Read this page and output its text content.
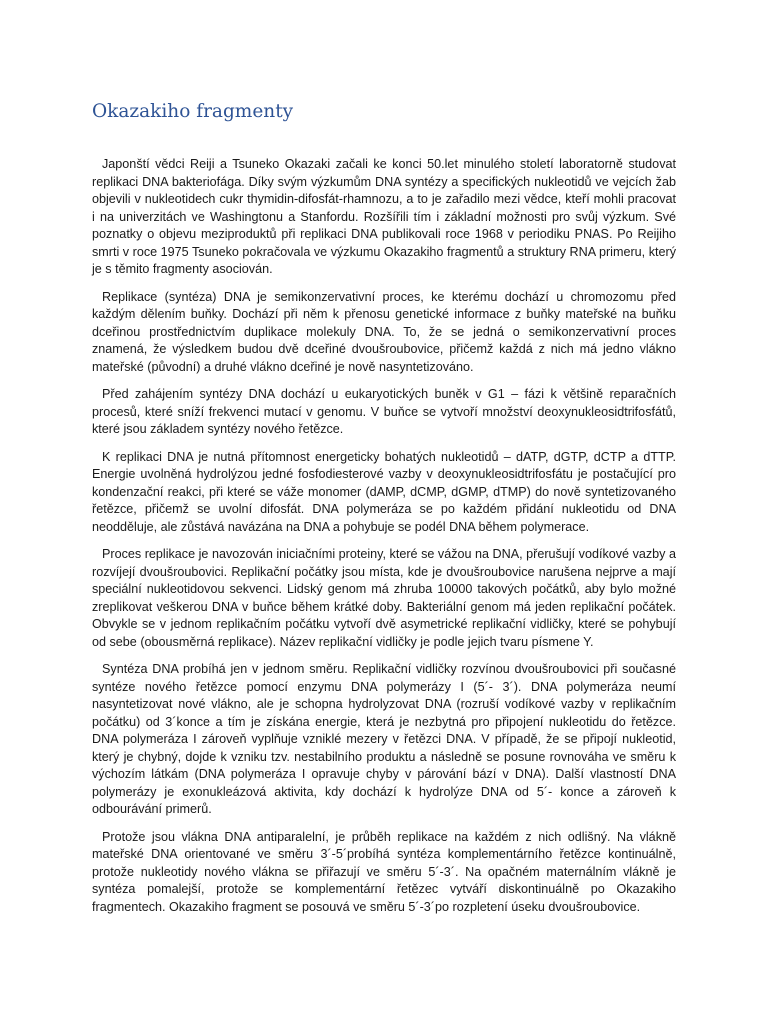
Okazakiho fragmenty

Japonští vědci Reiji a Tsuneko Okazaki začali ke konci 50.let minulého století laboratorně studovat replikaci DNA bakteriofága. Díky svým výzkumům DNA syntézy a specifických nukleotidů ve vejcích žab objevili v nukleotidech cukr thymidin-difosfát-rhamnozu, a to je zařadilo mezi vědce, kteří mohli pracovat i na univerzitách ve Washingtonu a Stanfordu. Rozšířili tím i základní možnosti pro svůj výzkum. Své poznatky o objevu meziproduktů při replikaci DNA publikovali roce 1968 v periodiku PNAS. Po Reijiho smrti v roce 1975 Tsuneko pokračovala ve výzkumu Okazakiho fragmentů a struktury RNA primeru, který je s těmito fragmenty asociován.

Replikace (syntéza) DNA je semikonzervativní proces, ke kterému dochází u chromozomu před každým dělením buňky. Dochází při něm k přenosu genetické informace z buňky mateřské na buňku dceřinou prostřednictvím duplikace molekuly DNA. To, že se jedná o semikonzervativní proces znamená, že výsledkem budou dvě dceřiné dvoušroubovice, přičemž každá z nich má jedno vlákno mateřské (původní) a druhé vlákno dceřiné je nově nasyntetizováno.

Před zahájením syntézy DNA dochází u eukaryotických buněk v G1 – fázi k většině reparačních procesů, které sníží frekvenci mutací v genomu. V buňce se vytvoří množství deoxynukleosidtrifosfátů, které jsou základem syntézy nového řetězce.

K replikaci DNA je nutná přítomnost energeticky bohatých nukleotidů – dATP, dGTP, dCTP a dTTP. Energie uvolněná hydrolýzou jedné fosfodiesterové vazby v deoxynukleosidtrifosfátu je postačující pro kondenzační reakci, při které se váže monomer (dAMP, dCMP, dGMP, dTMP) do nově syntetizovaného řetězce, přičemž se uvolní difosfát. DNA polymeráza se po každém přidání nukleotidu od DNA neodděluje, ale zůstává navázána na DNA a pohybuje se podél DNA během polymerace.

Proces replikace je navozován iniciačními proteiny, které se vážou na DNA, přerušují vodíkové vazby a rozvíjejí dvoušroubovici. Replikační počátky jsou místa, kde je dvoušroubovice narušena nejprve a mají speciální nukleotidovou sekvenci. Lidský genom má zhruba 10000 takových počátků, aby bylo možné zreplikovat veškerou DNA v buňce během krátké doby. Bakteriální genom má jeden replikační počátek. Obvykle se v jednom replikačním počátku vytvoří dvě asymetrické replikační vidličky, které se pohybují od sebe (obousměrná replikace). Název replikační vidličky je podle jejich tvaru písmene Y.

Syntéza DNA probíhá jen v jednom směru. Replikační vidličky rozvínou dvoušroubovici při současné syntéze nového řetězce pomocí enzymu DNA polymerázy I (5´- 3´). DNA polymeráza neumí nasyntetizovat nové vlákno, ale je schopna hydrolyzovat DNA (rozruší vodíkové vazby v replikačním počátku) od 3´konce a tím je získána energie, která je nezbytná pro připojení nukleotidu do řetězce. DNA polymeráza I zároveň vyplňuje vzniklé mezery v řetězci DNA. V případě, že se připojí nukleotid, který je chybný, dojde k vzniku tzv. nestabilního produktu a následně se posune rovnováha ve směru k výchozím látkám (DNA polymeráza I opravuje chyby v párování bází v DNA). Další vlastností DNA polymerázy je exonukleázová aktivita, kdy dochází k hydrolýze DNA od 5´- konce a zároveň k odbourávání primerů.

Protože jsou vlákna DNA antiparalelní, je průběh replikace na každém z nich odlišný. Na vlákně mateřské DNA orientované ve směru 3´-5´probíhá syntéza komplementárního řetězce kontinuálně, protože nukleotidy nového vlákna se přiřazují ve směru 5´-3´. Na opačném maternálním vlákně je syntéza pomalejší, protože se komplementární řetězec vytváří diskontinuálně po Okazakiho fragmentech. Okazakiho fragment se posouvá ve směru 5´-3´po rozpletení úseku dvoušroubovice.
